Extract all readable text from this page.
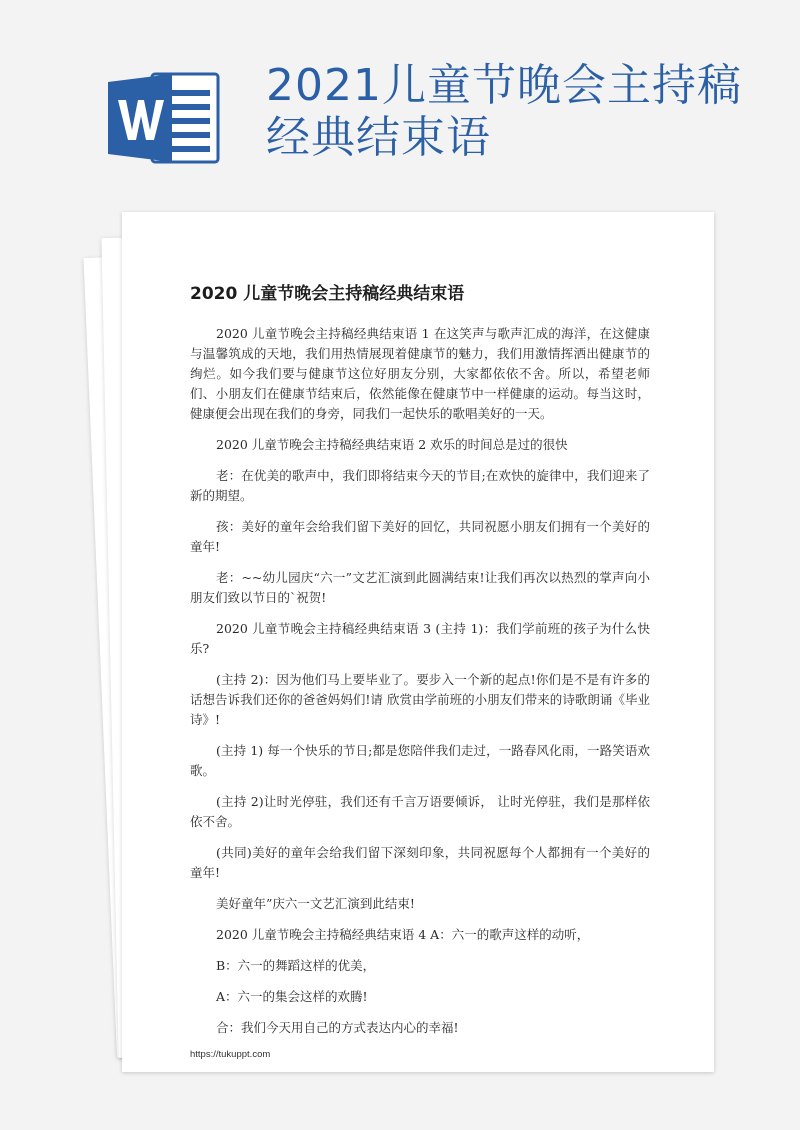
2021儿童节晚会主持稿经典结束语
2020 儿童节晚会主持稿经典结束语

2020 儿童节晚会主持稿经典结束语 1 在这笑声与歌声汇成的海洋，在这健康与温馨筑成的天地，我们用热情展现着健康节的魅力，我们用激情挥洒出健康节的绚烂。如今我们要与健康节这位好朋友分别，大家都依依不舍。所以，希望老师们、小朋友们在健康节结束后，依然能像在健康节中一样健康的运动。每当这时，健康便会出现在我们的身旁，同我们一起快乐的歌唱美好的一天。

2020 儿童节晚会主持稿经典结束语 2 欢乐的时间总是过的很快

老：在优美的歌声中，我们即将结束今天的节目;在欢快的旋律中，我们迎来了新的期望。

孩：美好的童年会给我们留下美好的回忆，共同祝愿小朋友们拥有一个美好的童年!

老：~~幼儿园庆“六一”文艺汇演到此圆满结束!让我们再次以热烈的掌声向小朋友们致以节日的`祝贺!

2020 儿童节晚会主持稿经典结束语 3 (主持 1)：我们学前班的孩子为什么快乐?

(主持 2)：因为他们马上要毕业了。要步入一个新的起点!你们是不是有许多的话想告诉我们还你的爸爸妈妈们!请 欣赏由学前班的小朋友们带来的诗歌朗诵《毕业诗》!

(主持 1) 每一个快乐的节日;都是您陪伴我们走过，一路春风化雨，一路笑语欢歌。

(主持 2)让时光停驻，我们还有千言万语要倾诉， 让时光停驻，我们是那样依依不舍。

(共同)美好的童年会给我们留下深刻印象，共同祝愿每个人都拥有一个美好的童年!

美好童年”庆六一文艺汇演到此结束!

2020 儿童节晚会主持稿经典结束语 4 A：六一的歌声这样的动听，

B：六一的舞蹈这样的优美，

A：六一的集会这样的欢腾!

合：我们今天用自己的方式表达内心的幸福!

https://tukuppt.com
